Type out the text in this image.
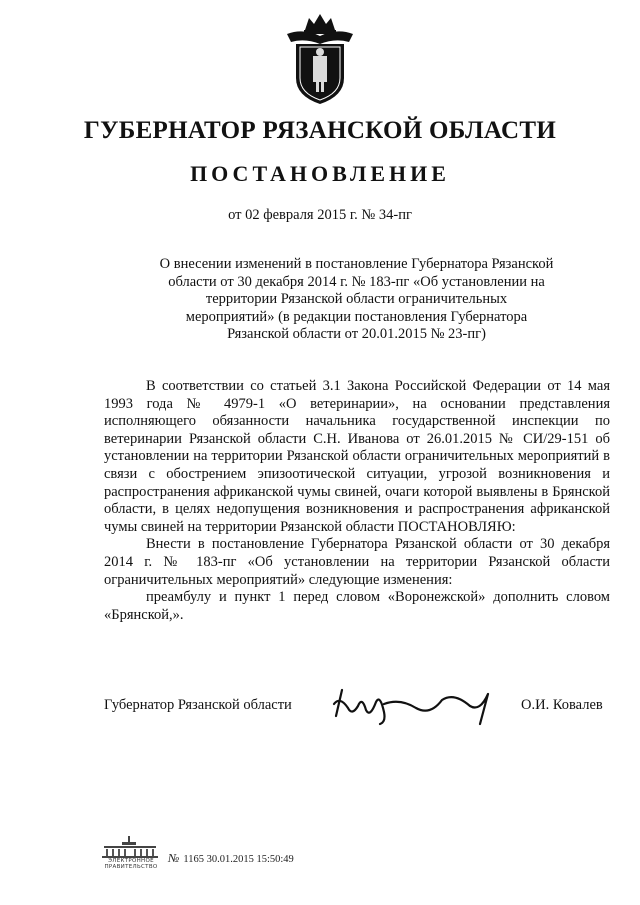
ГУБЕРНАТОР РЯЗАНСКОЙ ОБЛАСТИ
ПОСТАНОВЛЕНИЕ
от 02 февраля 2015 г. № 34-пг
О внесении изменений в постановление Губернатора Рязанской
области от 30 декабря 2014 г. № 183-пг «Об установлении на
территории Рязанской области ограничительных
мероприятий» (в редакции постановления Губернатора
Рязанской области от 20.01.2015 № 23-пг)

В соответствии со статьей 3.1 Закона Российской Федерации от 14 мая 1993 года № 4979-1 «О ветеринарии», на основании представления исполняющего обязанности начальника государственной инспекции по ветеринарии Рязанской области С.Н. Иванова от 26.01.2015 № СИ/29-151 об установлении на территории Рязанской области ограничительных мероприятий в связи с обострением эпизоотической ситуации, угрозой возникновения и распространения африканской чумы свиней, очаги которой выявлены в Брянской области, в целях недопущения возникновения и распространения африканской чумы свиней на территории Рязанской области ПОСТАНОВЛЯЮ:

Внести в постановление Губернатора Рязанской области от 30 декабря 2014 г. № 183-пг «Об установлении на территории Рязанской области ограничительных мероприятий» следующие изменения:

преамбулу и пункт 1 перед словом «Воронежской» дополнить словом «Брянской,».

Губернатор Рязанской области	О.И. Ковалев
ЭЛЕКТРОННОЕ ПРАВИТЕЛЬСТВО
№ 1165 30.01.2015 15:50:49
